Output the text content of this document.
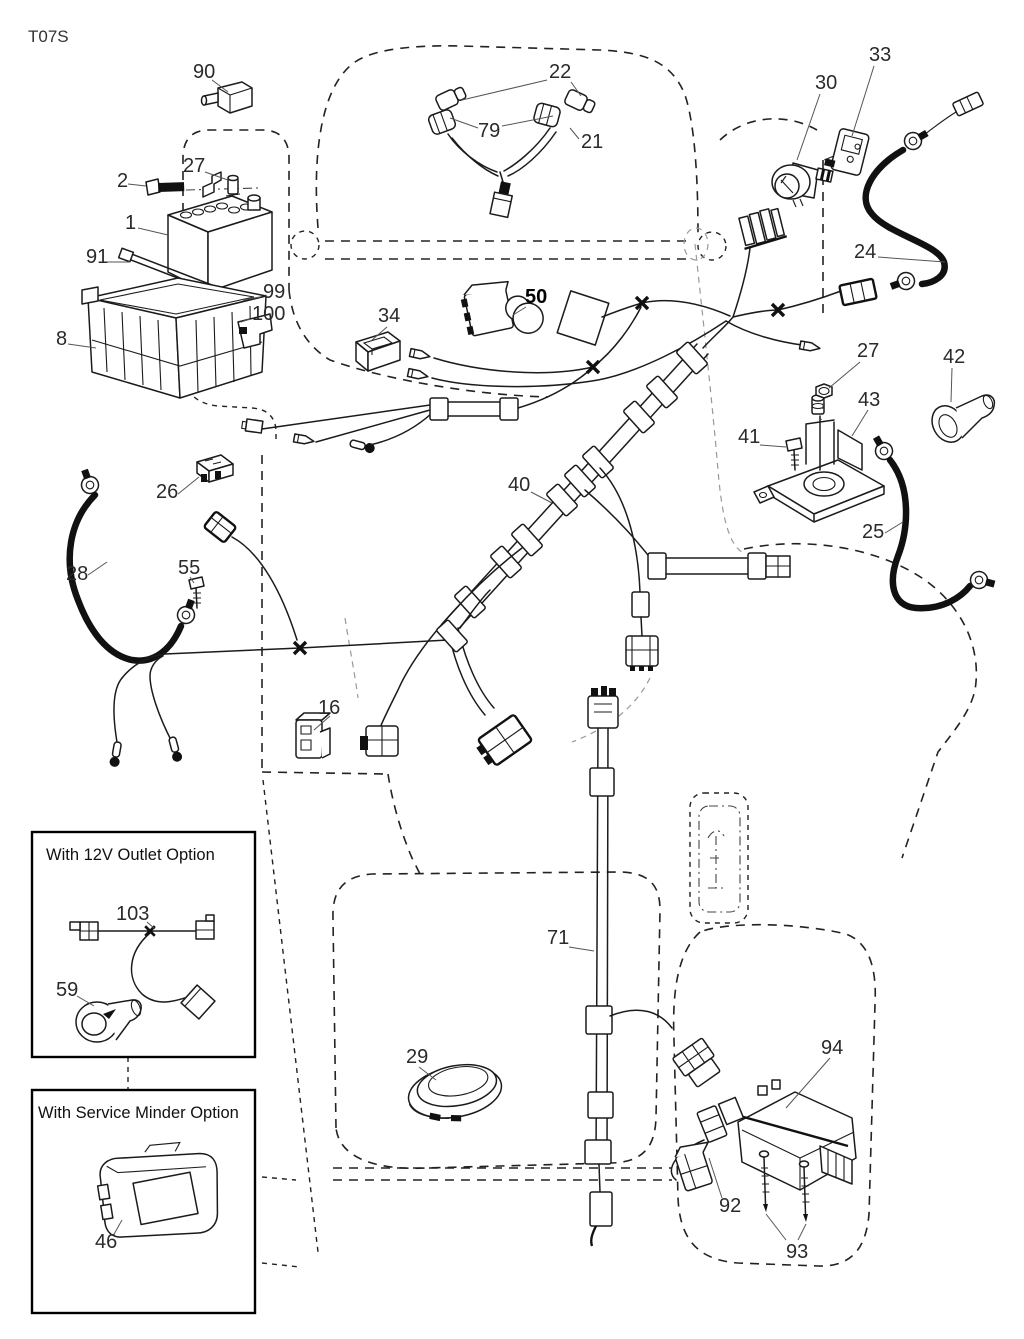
T07S
90	22
79	21
30
33
2
27
1
91
99
100
8
34
50
24
26
27
43
41
42
25
40
28	55
16
71
29	94
92
93
With 12V Outlet Option
103
59
With Service Minder Option
46
